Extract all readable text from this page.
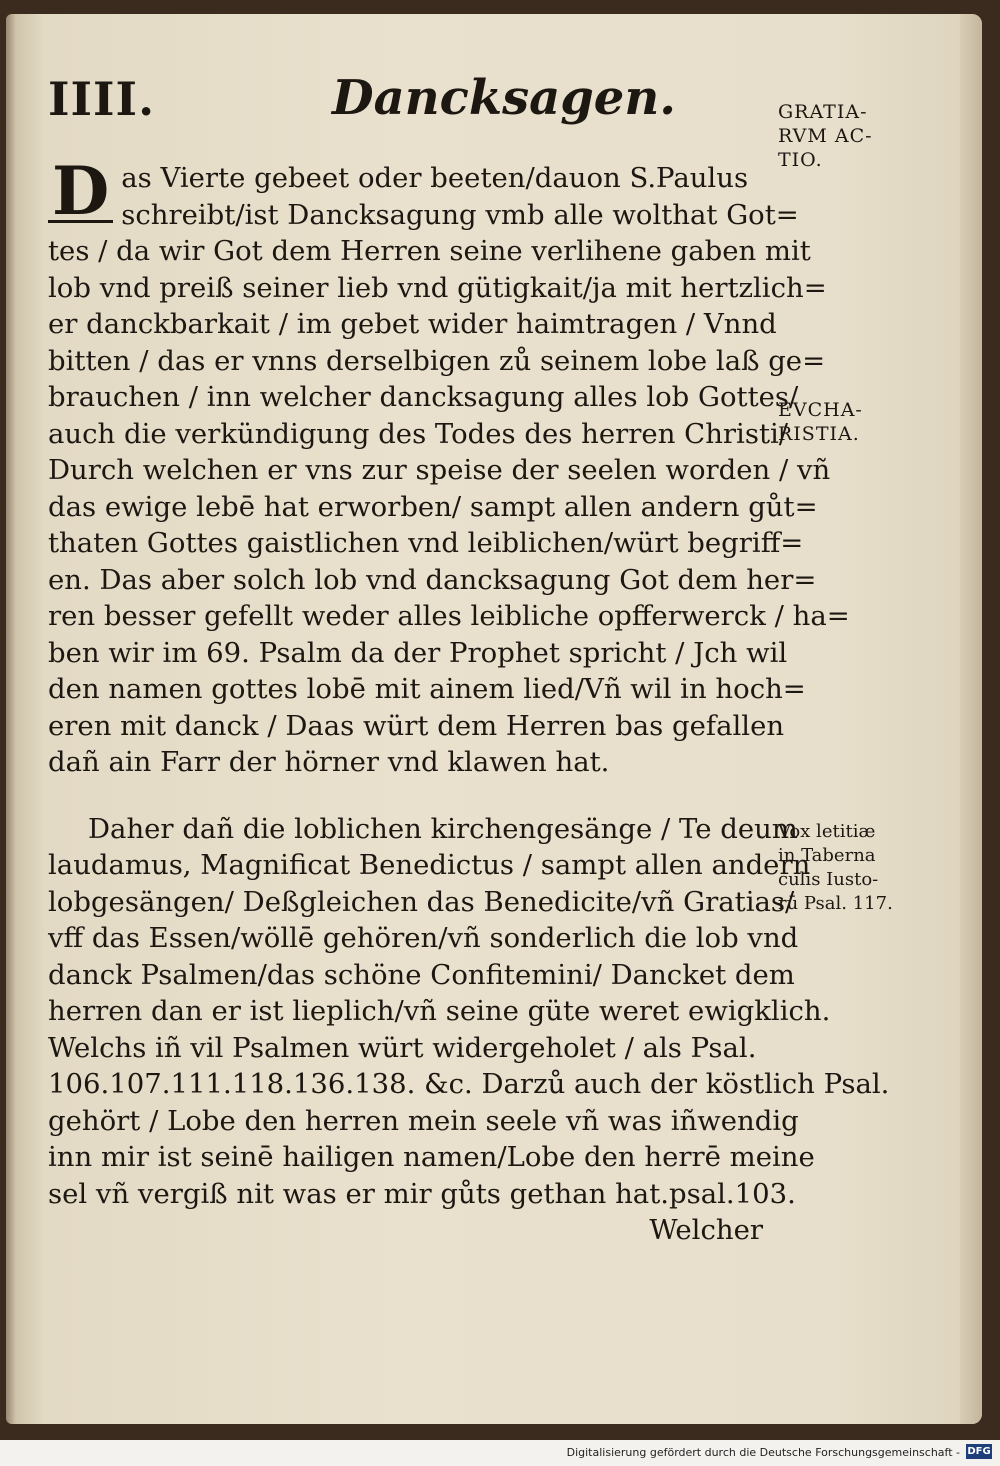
IIII.	Dancksagen.
D as Vierte gebeet oder beeten/dauon S.Paulus
schreibt/ist Dancksagung vmb alle wolthat Got=
tes / da wir Got dem Herren seine verlihene gaben mit
lob vnd preiß seiner lieb vnd gütigkait/ja mit hertzlich=
er danckbarkait / im gebet wider haimtragen / Vnnd
bitten / das er vnns derselbigen zů seinem lobe laß ge=
brauchen / inn welcher dancksagung alles lob Gottes/
auch die verkündigung des Todes des herren Christi/
Durch welchen er vns zur speise der seelen worden / vñ
das ewige lebē hat erworben/ sampt allen andern gůt=
thaten Gottes gaistlichen vnd leiblichen/würt begriff=
en. Das aber solch lob vnd dancksagung Got dem her=
ren besser gefellt weder alles leibliche opfferwerck / ha=
ben wir im 69. Psalm da der Prophet spricht / Jch wil
den namen gottes lobē mit ainem lied/Vñ wil in hoch=
eren mit danck / Daas würt dem Herren bas gefallen
dañ ain Farr der hörner vnd klawen hat.
Daher dañ die loblichen kirchengesänge / Te deum
laudamus, Magnificat Benedictus / sampt allen andern
lobgesängen/ Deßgleichen das Benedicite/vñ Gratias/
vff das Essen/wöllē gehören/vñ sonderlich die lob vnd
danck Psalmen/das schöne Confitemini/ Dancket dem
herren dan er ist lieplich/vñ seine güte weret ewigklich.
Welchs iñ vil Psalmen würt widergeholet / als Psal.
106.107.111.118.136.138. &c. Darzů auch der köstlich Psal.
gehört / Lobe den herren mein seele vñ was iñwendig
inn mir ist seinē hailigen namen/Lobe den herrē meine
sel vñ vergiß nit was er mir gůts gethan hat.psal.103.
Welcher
GRATIA-
RVM AC-
TIO.
EVCHA-
RISTIA.
Vox letitiæ
in Taberna
culis Iusto-
rū Psal. 117.
Digitalisierung gefördert durch die Deutsche Forschungsgemeinschaft - DFG
